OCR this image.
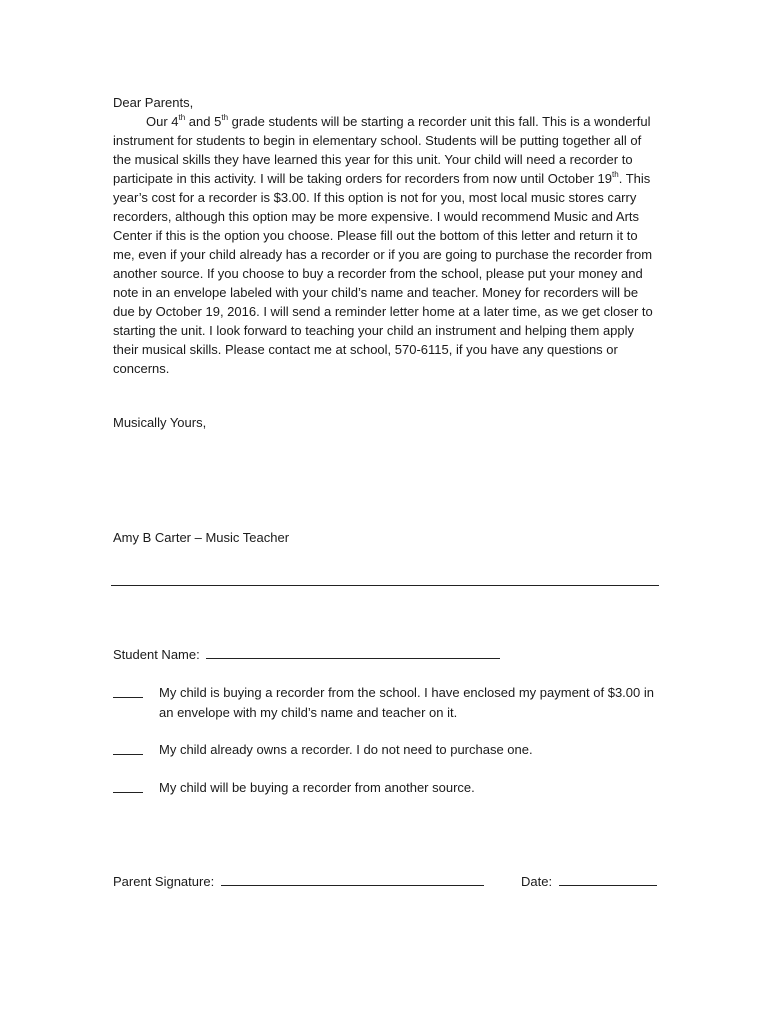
Dear Parents,

Our 4th and 5th grade students will be starting a recorder unit this fall. This is a wonderful instrument for students to begin in elementary school. Students will be putting together all of the musical skills they have learned this year for this unit. Your child will need a recorder to participate in this activity. I will be taking orders for recorders from now until October 19th. This year’s cost for a recorder is $3.00. If this option is not for you, most local music stores carry recorders, although this option may be more expensive. I would recommend Music and Arts Center if this is the option you choose. Please fill out the bottom of this letter and return it to me, even if your child already has a recorder or if you are going to purchase the recorder from another source. If you choose to buy a recorder from the school, please put your money and note in an envelope labeled with your child’s name and teacher. Money for recorders will be due by October 19, 2016. I will send a reminder letter home at a later time, as we get closer to starting the unit. I look forward to teaching your child an instrument and helping them apply their musical skills. Please contact me at school, 570-6115, if you have any questions or concerns.

Musically Yours,
Amy B Carter – Music Teacher
Student Name:
My child is buying a recorder from the school. I have enclosed my payment of $3.00 in an envelope with my child’s name and teacher on it.
My child already owns a recorder. I do not need to purchase one.
My child will be buying a recorder from another source.
Parent Signature:	Date:
